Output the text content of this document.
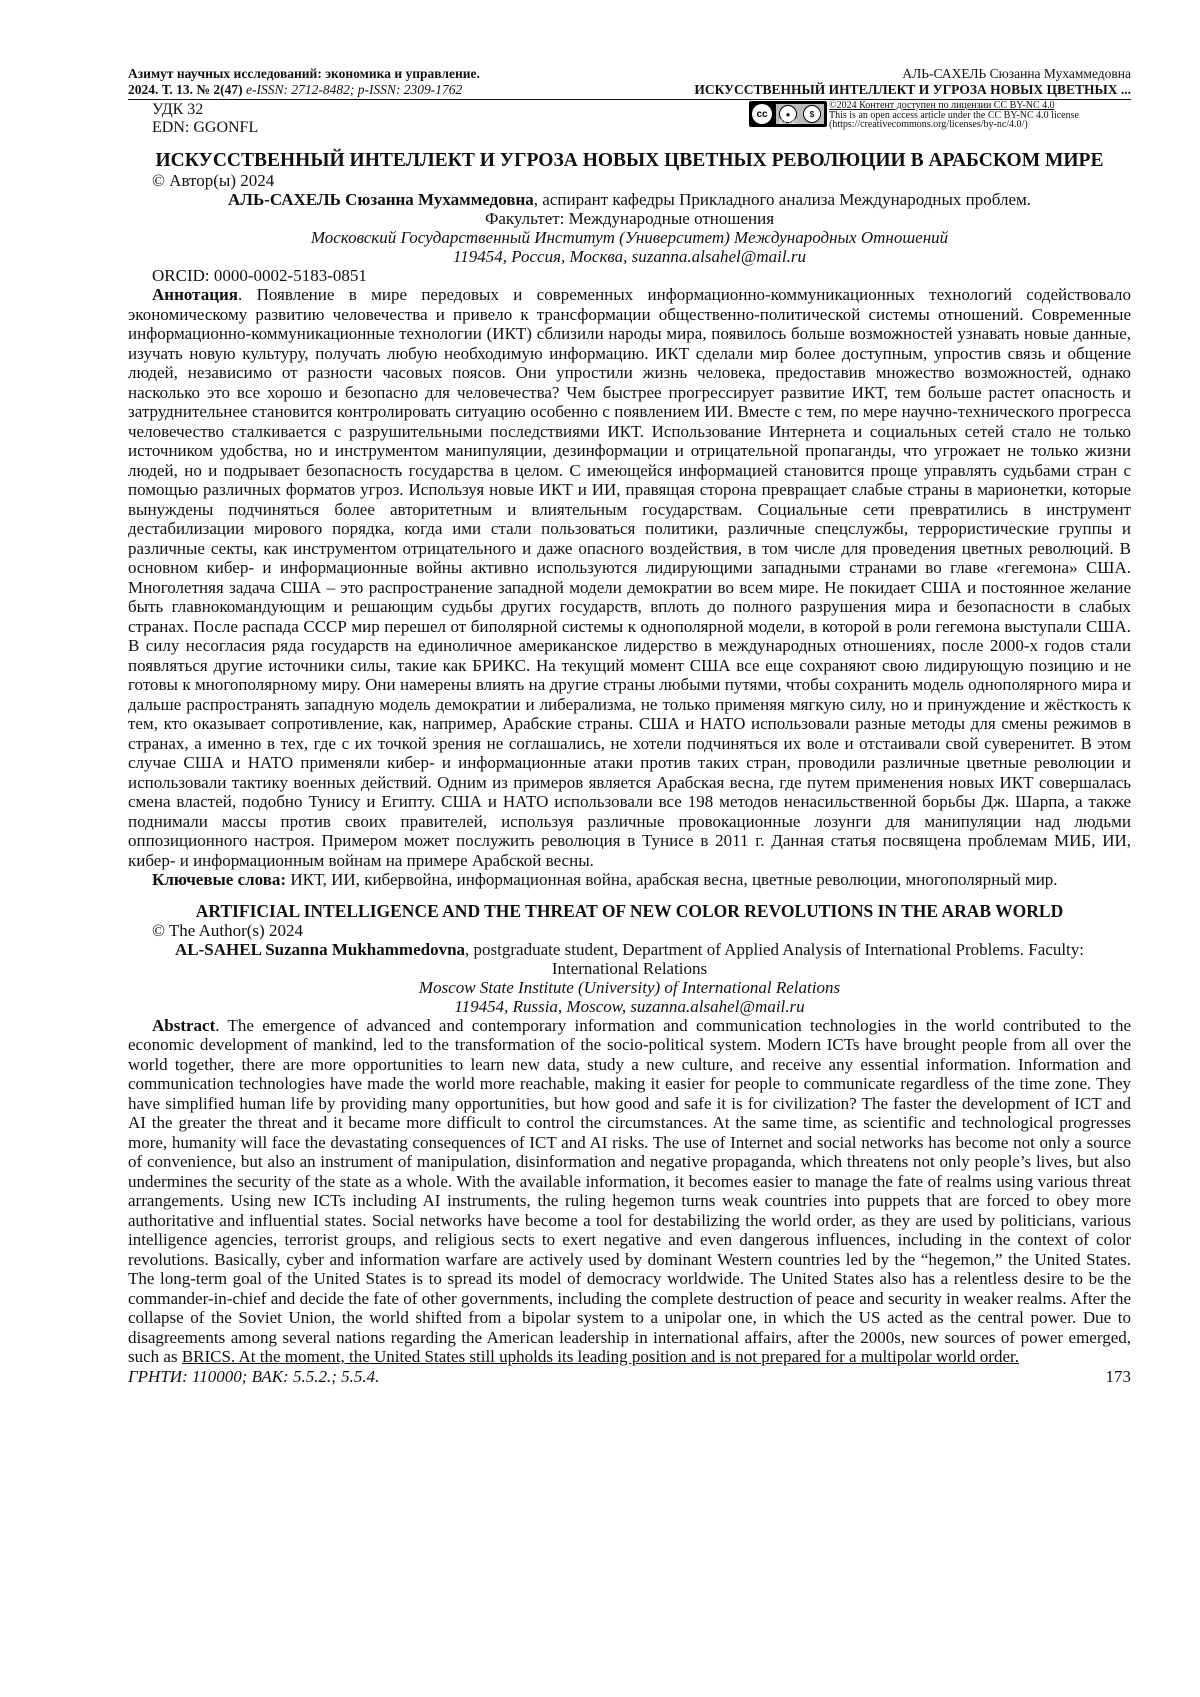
Азимут научных исследований: экономика и управление.
2024. Т. 13. № 2(47) e-ISSN: 2712-8482; p-ISSN: 2309-1762
АЛЬ-САХЕЛЬ Сюзанна Мухаммедовна
ИСКУССТВЕННЫЙ ИНТЕЛЛЕКТ И УГРОЗА НОВЫХ ЦВЕТНЫХ ...
УДК 32
EDN: GGONFL
cc	●	$
BY NC
©2024 Контент доступен по лицензии CC BY-NC 4.0
This is an open access article under the CC BY-NC 4.0 license
(https://creativecommons.org/licenses/by-nc/4.0/)
ИСКУССТВЕННЫЙ ИНТЕЛЛЕКТ И УГРОЗА НОВЫХ ЦВЕТНЫХ РЕВОЛЮЦИИ В АРАБСКОМ МИРЕ
© Автор(ы) 2024
АЛЬ-САХЕЛЬ Сюзанна Мухаммедовна, аспирант кафедры Прикладного анализа Международных проблем.
Факультет: Международные отношения
Московский Государственный Институт (Университет) Международных Отношений
119454, Россия, Москва, suzanna.alsahel@mail.ru
ORCID: 0000-0002-5183-0851

Аннотация. Появление в мире передовых и современных информационно-коммуникационных технологий содействовало экономическому развитию человечества и привело к трансформации общественно-политической системы отношений. Современные информационно-коммуникационные технологии (ИКТ) сблизили народы мира, появилось больше возможностей узнавать новые данные, изучать новую культуру, получать любую необходимую информацию. ИКТ сделали мир более доступным, упростив связь и общение людей, независимо от разности часовых поясов. Они упростили жизнь человека, предоставив множество возможностей, однако насколько это все хорошо и безопасно для человечества? Чем быстрее прогрессирует развитие ИКТ, тем больше растет опасность и затруднительнее становится контролировать ситуацию особенно с появлением ИИ. Вместе с тем, по мере научно-технического прогресса человечество сталкивается с разрушительными последствиями ИКТ. Использование Интернета и социальных сетей стало не только источником удобства, но и инструментом манипуляции, дезинформации и отрицательной пропаганды, что угрожает не только жизни людей, но и подрывает безопасность государства в целом. С имеющейся информацией становится проще управлять судьбами стран с помощью различных форматов угроз. Используя новые ИКТ и ИИ, правящая сторона превращает слабые страны в марионетки, которые вынуждены подчиняться более авторитетным и влиятельным государствам. Социальные сети превратились в инструмент дестабилизации мирового порядка, когда ими стали пользоваться политики, различные спецслужбы, террористические группы и различные секты, как инструментом отрицательного и даже опасного воздействия, в том числе для проведения цветных революций. В основном кибер- и информационные войны активно используются лидирующими западными странами во главе «гегемона» США. Многолетняя задача США – это распространение западной модели демократии во всем мире. Не покидает США и постоянное желание быть главнокомандующим и решающим судьбы других государств, вплоть до полного разрушения мира и безопасности в слабых странах. После распада СССР мир перешел от биполярной системы к однополярной модели, в которой в роли гегемона выступали США. В силу несогласия ряда государств на единоличное американское лидерство в международных отношениях, после 2000-х годов стали появляться другие источники силы, такие как БРИКС. На текущий момент США все еще сохраняют свою лидирующую позицию и не готовы к многополярному миру. Они намерены влиять на другие страны любыми путями, чтобы сохранить модель однополярного мира и дальше распространять западную модель демократии и либерализма, не только применяя мягкую силу, но и принуждение и жёсткость к тем, кто оказывает сопротивление, как, например, Арабские страны. США и НАТО использовали разные методы для смены режимов в странах, а именно в тех, где с их точкой зрения не соглашались, не хотели подчиняться их воле и отстаивали свой суверенитет. В этом случае США и НАТО применяли кибер- и информационные атаки против таких стран, проводили различные цветные революции и использовали тактику военных действий. Одним из примеров является Арабская весна, где путем применения новых ИКТ совершалась смена властей, подобно Тунису и Египту. США и НАТО использовали все 198 методов ненасильственной борьбы Дж. Шарпа, а также поднимали массы против своих правителей, используя различные провокационные лозунги для манипуляции над людьми оппозиционного настроя. Примером может послужить революция в Тунисе в 2011 г. Данная статья посвящена проблемам МИБ, ИИ, кибер- и информационным войнам на примере Арабской весны.

Ключевые слова: ИКТ, ИИ, кибервойна, информационная война, арабская весна, цветные революции, многополярный мир.

ARTIFICIAL INTELLIGENCE AND THE THREAT OF NEW COLOR REVOLUTIONS IN THE ARAB WORLD
© The Author(s) 2024
AL-SAHEL Suzanna Mukhammedovna, postgraduate student, Department of Applied Analysis of International Problems. Faculty: International Relations
Moscow State Institute (University) of International Relations
119454, Russia, Moscow, suzanna.alsahel@mail.ru

Abstract. The emergence of advanced and contemporary information and communication technologies in the world contributed to the economic development of mankind, led to the transformation of the socio-political system. Modern ICTs have brought people from all over the world together, there are more opportunities to learn new data, study a new culture, and receive any essential information. Information and communication technologies have made the world more reachable, making it easier for people to communicate regardless of the time zone. They have simplified human life by providing many opportunities, but how good and safe it is for civilization? The faster the development of ICT and AI the greater the threat and it became more difficult to control the circumstances. At the same time, as scientific and technological progresses more, humanity will face the devastating consequences of ICT and AI risks. The use of Internet and social networks has become not only a source of convenience, but also an instrument of manipulation, disinformation and negative propaganda, which threatens not only people’s lives, but also undermines the security of the state as a whole. With the available information, it becomes easier to manage the fate of realms using various threat arrangements. Using new ICTs including AI instruments, the ruling hegemon turns weak countries into puppets that are forced to obey more authoritative and influential states. Social networks have become a tool for destabilizing the world order, as they are used by politicians, various intelligence agencies, terrorist groups, and religious sects to exert negative and even dangerous influences, including in the context of color revolutions. Basically, cyber and information warfare are actively used by dominant Western countries led by the “hegemon,” the United States. The long-term goal of the United States is to spread its model of democracy worldwide. The United States also has a relentless desire to be the commander-in-chief and decide the fate of other governments, including the complete destruction of peace and security in weaker realms. After the collapse of the Soviet Union, the world shifted from a bipolar system to a unipolar one, in which the US acted as the central power. Due to disagreements among several nations regarding the American leadership in international affairs, after the 2000s, new sources of power emerged, such as BRICS. At the moment, the United States still upholds its leading position and is not prepared for a multipolar world order.

ГРНТИ: 110000; ВАК: 5.5.2.; 5.5.4.	173
